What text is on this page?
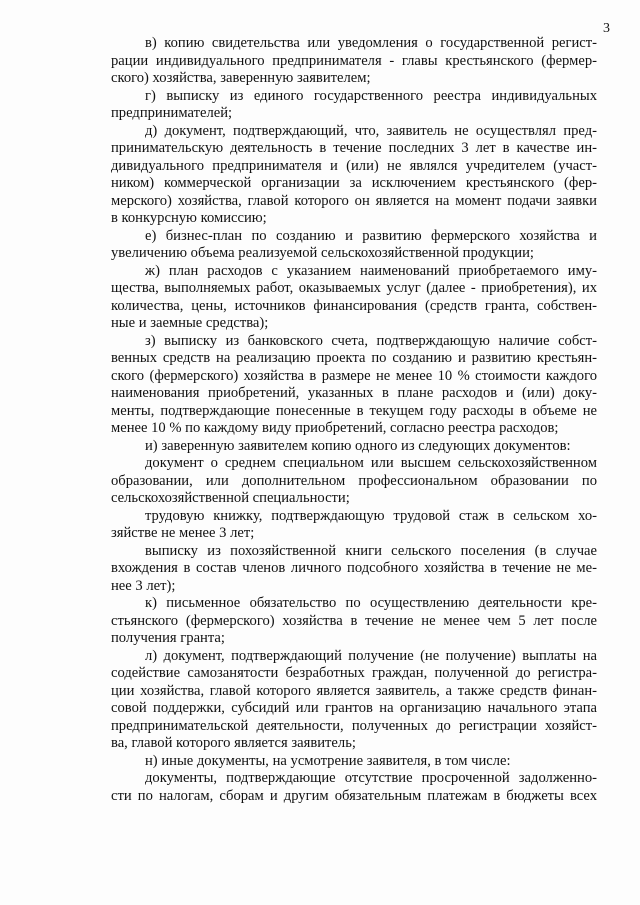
3

в) копию свидетельства или уведомления о государственной регист-
рации индивидуального предпринимателя - главы крестьянского (фермер-
ского) хозяйства, заверенную заявителем;

г) выписку из единого государственного реестра индивидуальных
предпринимателей;

д) документ, подтверждающий, что, заявитель не осуществлял пред-
принимательскую деятельность в течение последних 3 лет в качестве ин-
дивидуального предпринимателя и (или) не являлся учредителем (участ-
ником) коммерческой организации за исключением крестьянского (фер-
мерского) хозяйства, главой которого он является на момент подачи заявки
в конкурсную комиссию;

е) бизнес-план по созданию и развитию фермерского хозяйства и
увеличению объема реализуемой сельскохозяйственной продукции;

ж) план расходов с указанием наименований приобретаемого иму-
щества, выполняемых работ, оказываемых услуг (далее - приобретения), их
количества, цены, источников финансирования (средств гранта, собствен-
ные и заемные средства);

з) выписку из банковского счета, подтверждающую наличие собст-
венных средств на реализацию проекта по созданию и развитию крестьян-
ского (фермерского) хозяйства в размере не менее 10 % стоимости каждого
наименования приобретений, указанных в плане расходов и (или) доку-
менты, подтверждающие понесенные в текущем году расходы в объеме не
менее 10 % по каждому виду приобретений, согласно реестра расходов;

и) заверенную заявителем копию одного из следующих документов:

документ о среднем специальном или высшем сельскохозяйственном
образовании, или дополнительном профессиональном образовании по
сельскохозяйственной специальности;

трудовую книжку, подтверждающую трудовой стаж в сельском хо-
зяйстве не менее 3 лет;

выписку из похозяйственной книги сельского поселения (в случае
вхождения в состав членов личного подсобного хозяйства в течение не ме-
нее 3 лет);

к) письменное обязательство по осуществлению деятельности кре-
стьянского (фермерского) хозяйства в течение не менее чем 5 лет после
получения гранта;

л) документ, подтверждающий получение (не получение) выплаты на
содействие самозанятости безработных граждан, полученной до регистра-
ции хозяйства, главой которого является заявитель, а также средств финан-
совой поддержки, субсидий или грантов на организацию начального этапа
предпринимательской деятельности, полученных до регистрации хозяйст-
ва, главой которого является заявитель;

н) иные документы, на усмотрение заявителя, в том числе:

документы, подтверждающие отсутствие просроченной задолженно-
сти по налогам, сборам и другим обязательным платежам в бюджеты всех
